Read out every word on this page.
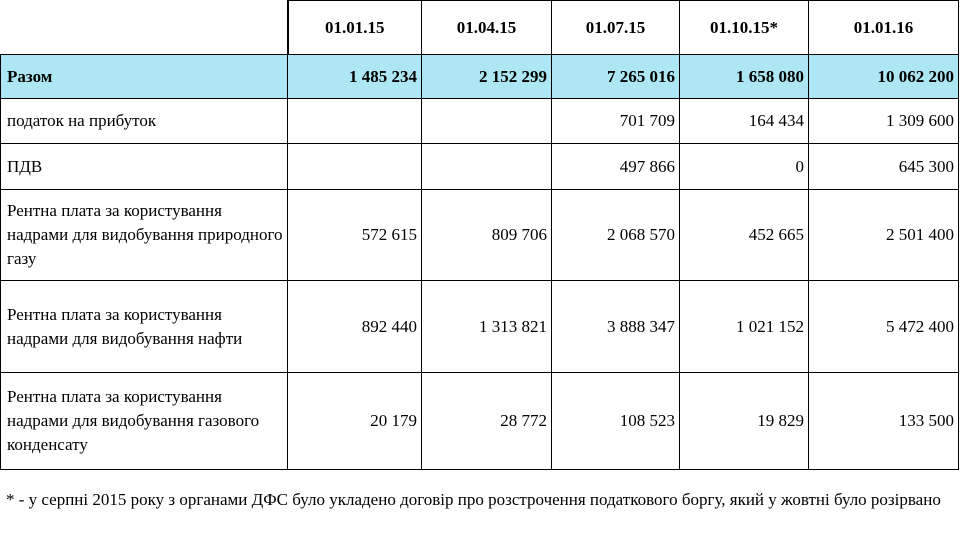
	01.01.15	01.04.15	01.07.15	01.10.15*	01.01.16
Разом	1 485 234	2 152 299	7 265 016	1 658 080	10 062 200
податок на прибуток			701 709	164 434	1 309 600
ПДВ			497 866	0	645 300
Рентна плата за користування надрами для видобування природного газу	572 615	809 706	2 068 570	452 665	2 501 400
Рентна плата за користування надрами для видобування нафти	892 440	1 313 821	3 888 347	1 021 152	5 472 400
Рентна плата за користування надрами для видобування газового конденсату	20 179	28 772	108 523	19 829	133 500
* - у серпні 2015 року з органами ДФС було укладено договір про розстрочення податкового боргу, який у жовтні було розірвано
